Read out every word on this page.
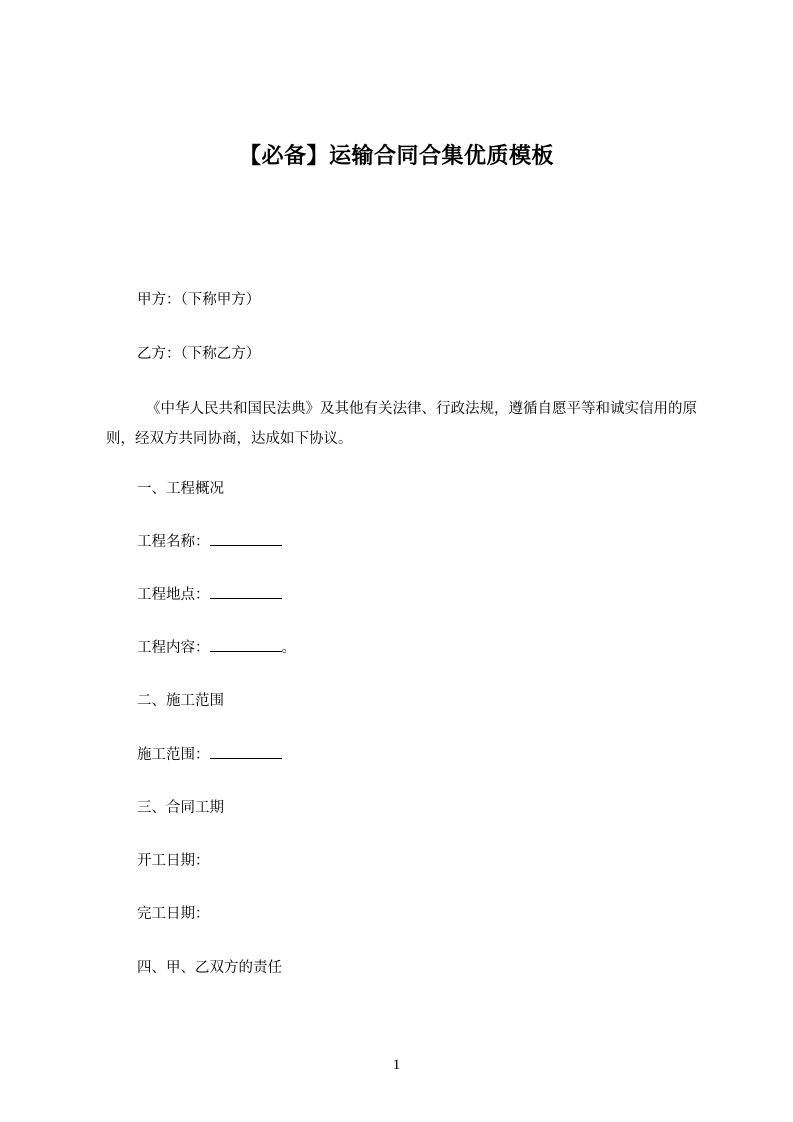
【必备】运输合同合集优质模板
甲方：（下称甲方）
乙方：（下称乙方）
《中华人民共和国民法典》及其他有关法律、行政法规，遵循自愿平等和诚实信用的原则，经双方共同协商，达成如下协议。
一、工程概况
工程名称：
工程地点：
工程内容：	。
二、施工范围
施工范围：
三、合同工期
开工日期：
完工日期：
四、甲、乙双方的责任
1
